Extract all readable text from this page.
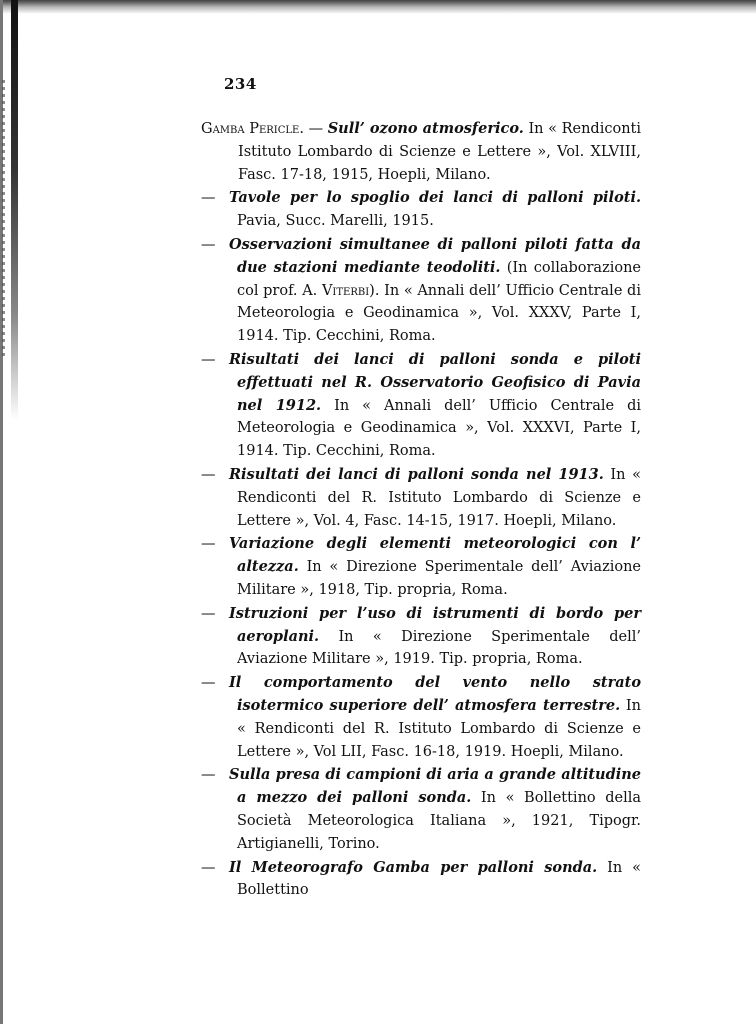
234

Gamba Pericle. — Sull’ ozono atmosferico. In « Rendiconti Istituto Lombardo di Scienze e Lettere », Vol. XLVIII, Fasc. 17-18, 1915, Hoepli, Milano.

— Tavole per lo spoglio dei lanci di palloni piloti. Pavia, Succ. Marelli, 1915.

— Osservazioni simultanee di palloni piloti fatta da due stazioni mediante teodoliti. (In collaborazione col prof. A. Viterbi). In « Annali dell’ Ufficio Centrale di Meteorologia e Geodinamica », Vol. XXXV, Parte I, 1914. Tip. Cecchini, Roma.

— Risultati dei lanci di palloni sonda e piloti effettuati nel R. Osservatorio Geofisico di Pavia nel 1912. In « Annali dell’ Ufficio Centrale di Meteorologia e Geodinamica », Vol. XXXVI, Parte I, 1914. Tip. Cecchini, Roma.

— Risultati dei lanci di palloni sonda nel 1913. In « Rendiconti del R. Istituto Lombardo di Scienze e Lettere », Vol. 4, Fasc. 14-15, 1917. Hoepli, Milano.

— Variazione degli elementi meteorologici con l’ altezza. In « Direzione Sperimentale dell’ Aviazione Militare », 1918, Tip. propria, Roma.

— Istruzioni per l’uso di istrumenti di bordo per aeroplani. In « Direzione Sperimentale dell’ Aviazione Militare », 1919. Tip. propria, Roma.

— Il comportamento del vento nello strato isotermico superiore dell’ atmosfera terrestre. In « Rendiconti del R. Istituto Lombardo di Scienze e Lettere », Vol LII, Fasc. 16-18, 1919. Hoepli, Milano.

— Sulla presa di campioni di aria a grande altitudine a mezzo dei palloni sonda. In « Bollettino della Società Meteorologica Italiana », 1921, Tipogr. Artigianelli, Torino.

— Il Meteorografo Gamba per palloni sonda. In « Bollettino
